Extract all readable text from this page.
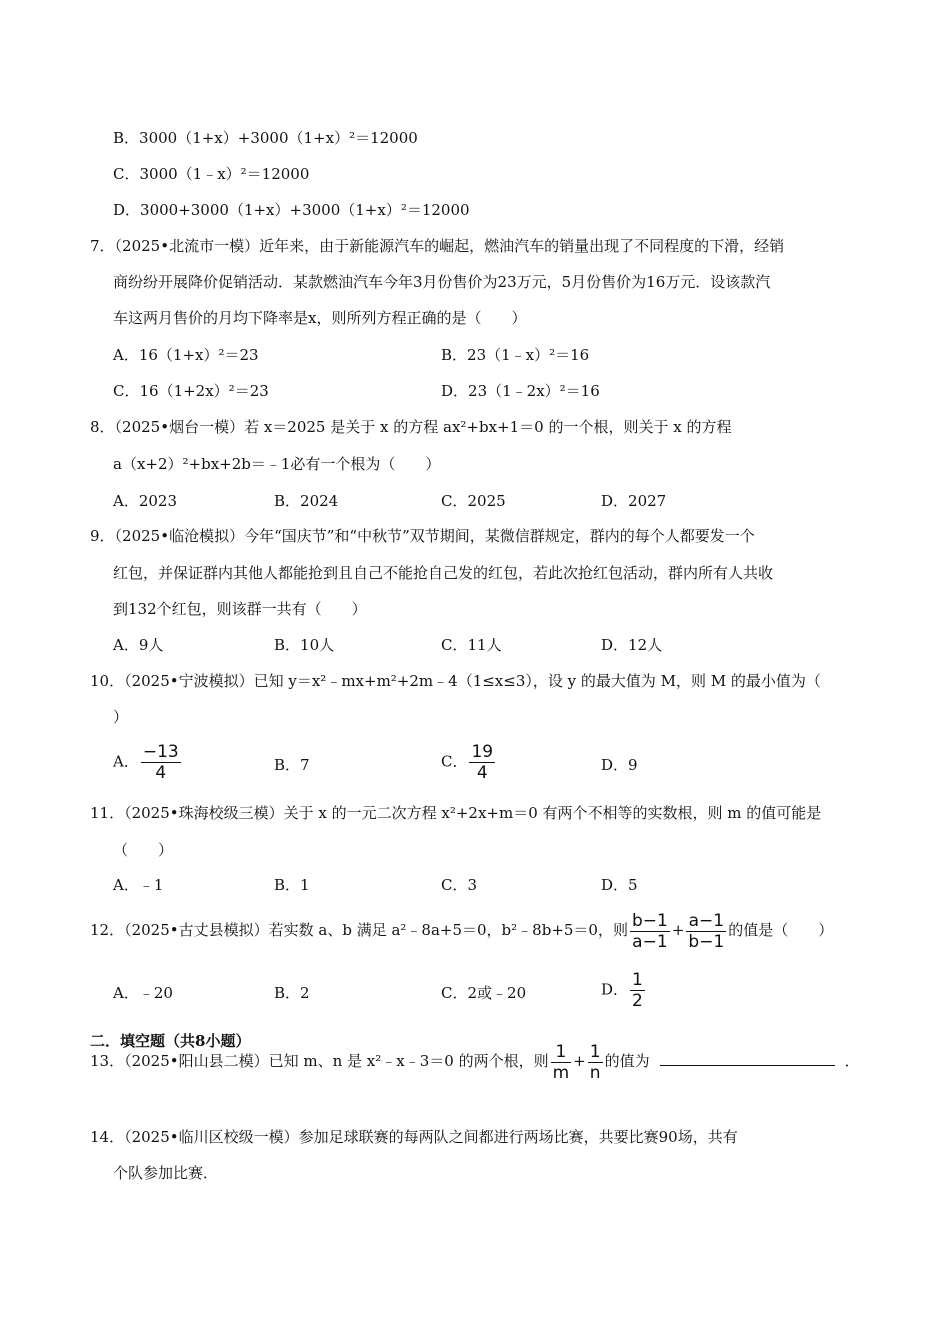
B．3000（1+x）+3000（1+x）²＝12000
C．3000（1﹣x）²＝12000
D．3000+3000（1+x）+3000（1+x）²＝12000
7．（2025•北流市一模）近年来，由于新能源汽车的崛起，燃油汽车的销量出现了不同程度的下滑，经销
商纷纷开展降价促销活动．某款燃油汽车今年3月份售价为23万元，5月份售价为16万元．设该款汽
车这两月售价的月均下降率是x，则所列方程正确的是（　　）
A．16（1+x）²＝23	B．23（1﹣x）²＝16
C．16（1+2x）²＝23	D．23（1﹣2x）²＝16
8．（2025•烟台一模）若 x＝2025 是关于 x 的方程 ax²+bx+1＝0 的一个根，则关于 x 的方程
a（x+2）²+bx+2b＝﹣1必有一个根为（　　）
A．2023	B．2024	C．2025	D．2027
9．（2025•临沧模拟）今年“国庆节”和“中秋节”双节期间，某微信群规定，群内的每个人都要发一个
红包，并保证群内其他人都能抢到且自己不能抢自己发的红包，若此次抢红包活动，群内所有人共收
到132个红包，则该群一共有（　　）
A．9人	B．10人	C．11人	D．12人
10．（2025•宁波模拟）已知 y＝x²﹣mx+m²+2m﹣4（1≤x≤3），设 y 的最大值为 M，则 M 的最小值为（
）
A． $\frac{-13}{4}$	B．7	C． $\frac{19}{4}$	D．9
11．（2025•珠海校级三模）关于 x 的一元二次方程 x²+2x+m＝0 有两个不相等的实数根，则 m 的值可能是
（　　）
A．﹣1	B．1	C．3	D．5
12．（2025•古丈县模拟）若实数 a、b 满足 a²﹣8a+5＝0，b²﹣8b+5＝0，则 $\frac{b-1}{a-1} + \frac{a-1}{b-1}$ 的值是（　　）
A．﹣20	B．2	C．2或﹣20	D． $\frac{1}{2}$
二．填空题（共8小题）
13．（2025•阳山县二模）已知 m、n 是 x²﹣x﹣3＝0 的两个根，则 $\frac{1}{m} + \frac{1}{n}$ 的值为	．
14．（2025•临川区校级一模）参加足球联赛的每两队之间都进行两场比赛，共要比赛90场，共有
个队参加比赛．
